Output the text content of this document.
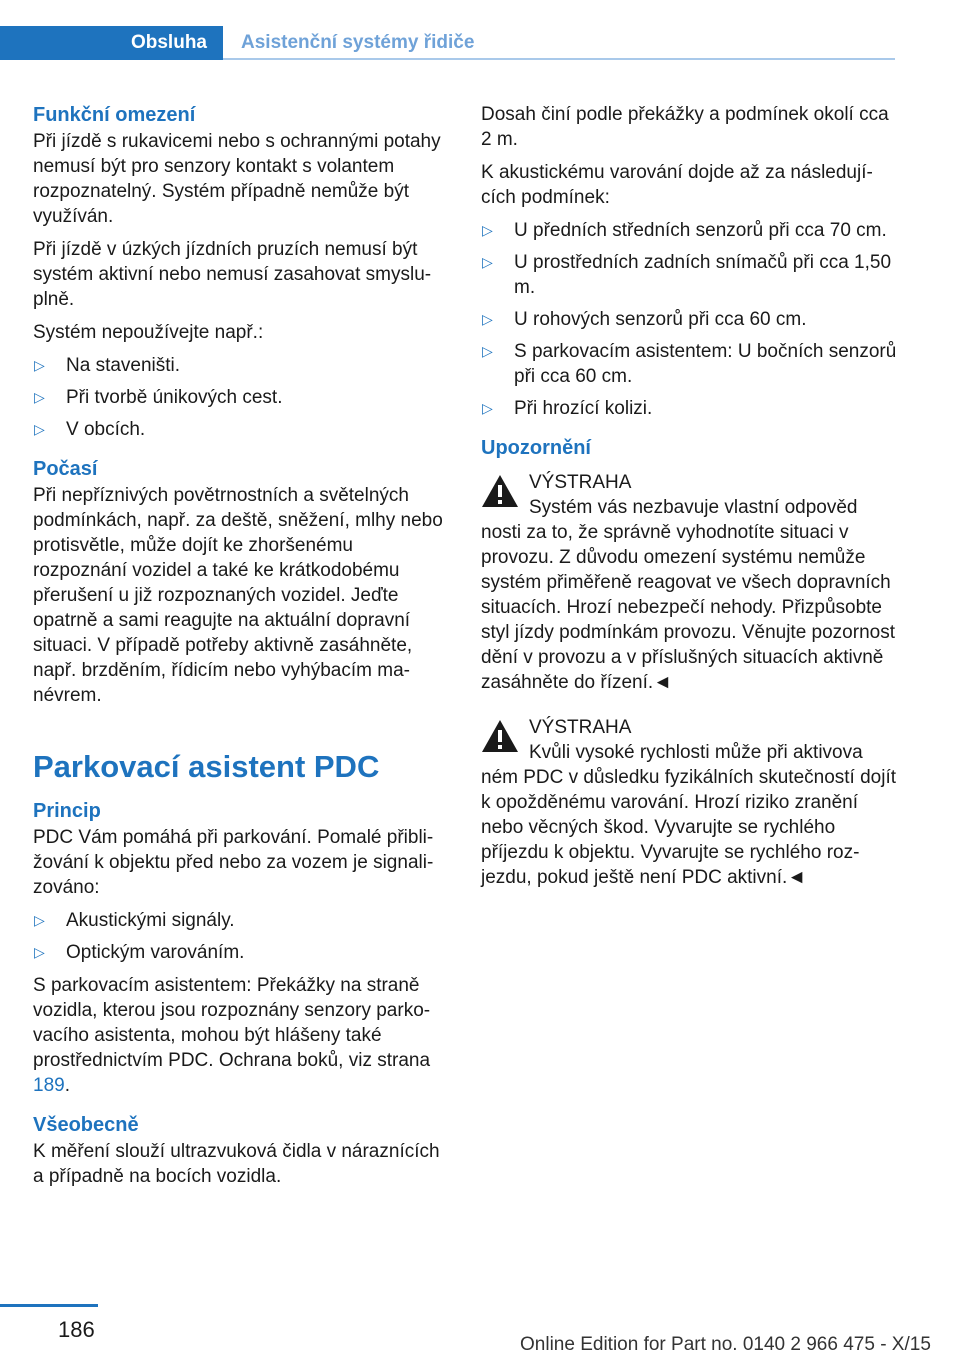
Obsluha Asistenční systémy řidiče
Funkční omezení

Při jízdě s rukavicemi nebo s ochrannými potahy nemusí být pro senzory kontakt s volantem rozpoznatelný. Systém případně nemůže být využíván.

Při jízdě v úzkých jízdních pruzích nemusí být systém aktivní nebo nemusí zasahovat smysluplně.

Systém nepoužívejte např.:

▷ Na staveništi.
▷ Při tvorbě únikových cest.
▷ V obcích.
Počasí

Při nepříznivých povětrnostních a světelných podmínkách, např. za deště, sněžení, mlhy nebo protisvětle, může dojít ke zhoršenému rozpoznání vozidel a také ke krátkodobému přerušení u již rozpoznaných vozidel. Jeďte opatrně a sami reagujte na aktuální dopravní situaci. V případě potřeby aktivně zasáhněte, např. brzděním, řídicím nebo vyhýbacím manévrem.

Parkovací asistent PDC
Princip

PDC Vám pomáhá při parkování. Pomalé přibližování k objektu před nebo za vozem je signalizováno:

▷ Akustickými signály.
▷ Optickým varováním.

S parkovacím asistentem: Překážky na straně vozidla, kterou jsou rozpoznány senzory parkovacího asistenta, mohou být hlášeny také prostřednictvím PDC. Ochrana boků, viz strana 189.

Všeobecně

K měření slouží ultrazvuková čidla v náraznících a případně na bocích vozidla.

Dosah činí podle překážky a podmínek okolí cca 2 m.

K akustickému varování dojde až za následujících podmínek:

▷ U předních středních senzorů při cca 70 cm.
▷ U prostředních zadních snímačů při cca 1,50 m.
▷ U rohových senzorů při cca 60 cm.
▷ S parkovacím asistentem: U bočních senzorů při cca 60 cm.
▷ Při hrozící kolizi.
Upozornění
VÝSTRAHA
Systém vás nezbavuje vlastní odpověd
nosti za to, že správně vyhodnotíte situaci v provozu. Z důvodu omezení systému nemůže systém přiměřeně reagovat ve všech dopravních situacích. Hrozí nebezpečí nehody. Přizpůsobte styl jízdy podmínkám provozu. Věnujte pozornost dění v provozu a v příslušných situacích aktivně zasáhněte do řízení.◄
VÝSTRAHA
Kvůli vysoké rychlosti může při aktivova
ném PDC v důsledku fyzikálních skutečností dojít k opožděnému varování. Hrozí riziko zranění nebo věcných škod. Vyvarujte se rychlého příjezdu k objektu. Vyvarujte se rychlého rozjezdu, pokud ještě není PDC aktivní.◄
186
Online Edition for Part no. 0140 2 966 475 - X/15
